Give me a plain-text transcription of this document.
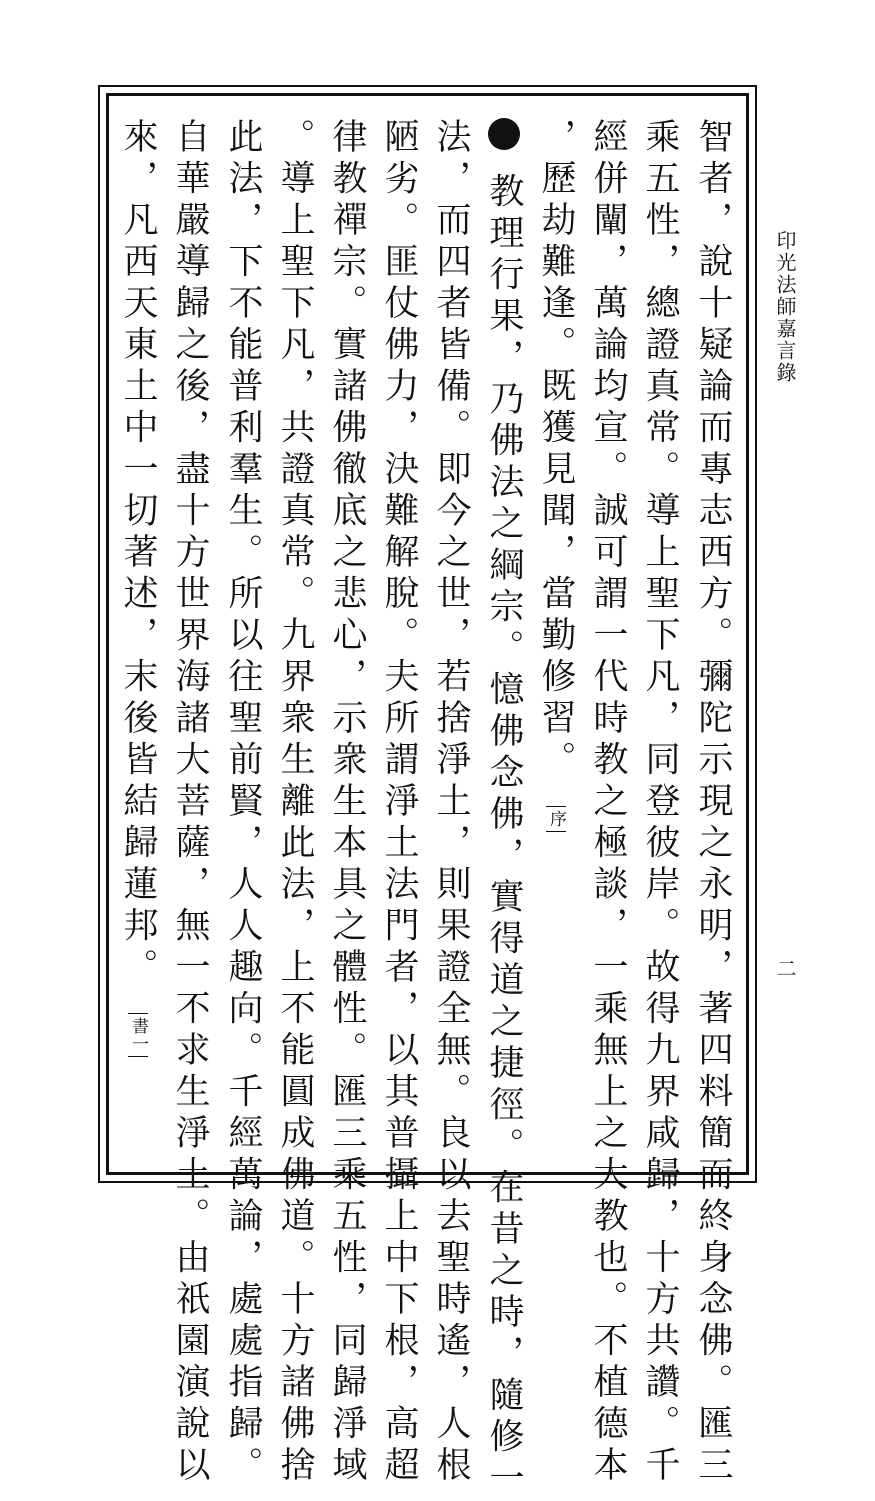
印光法師嘉言錄
二
智者，說十疑論而專志西方。彌陀示現之永明，著四料簡而終身念佛。匯三
乘五性，總證真常。導上聖下凡，同登彼岸。故得九界咸歸，十方共讚。千
經併闡，萬論均宣。誠可謂一代時教之極談，一乘無上之大教也。不植德本
，歷劫難逢。既獲見聞，當勤修習。 序
教理行果，乃佛法之綱宗。憶佛念佛，實得道之捷徑。在昔之時，隨修一
法，而四者皆備。即今之世，若捨淨土，則果證全無。良以去聖時遙，人根
陋劣。匪仗佛力，決難解脫。夫所謂淨土法門者，以其普攝上中下根，高超
律教禪宗。實諸佛徹底之悲心，示衆生本具之體性。匯三乘五性，同歸淨域
。導上聖下凡，共證真常。九界衆生離此法，上不能圓成佛道。十方諸佛捨
此法，下不能普利羣生。所以往聖前賢，人人趣向。千經萬論，處處指歸。
自華嚴導歸之後，盡十方世界海諸大菩薩，無一不求生淨土。由祇園演說以
來，凡西天東土中一切著述，末後皆結歸蓮邦。 書一
